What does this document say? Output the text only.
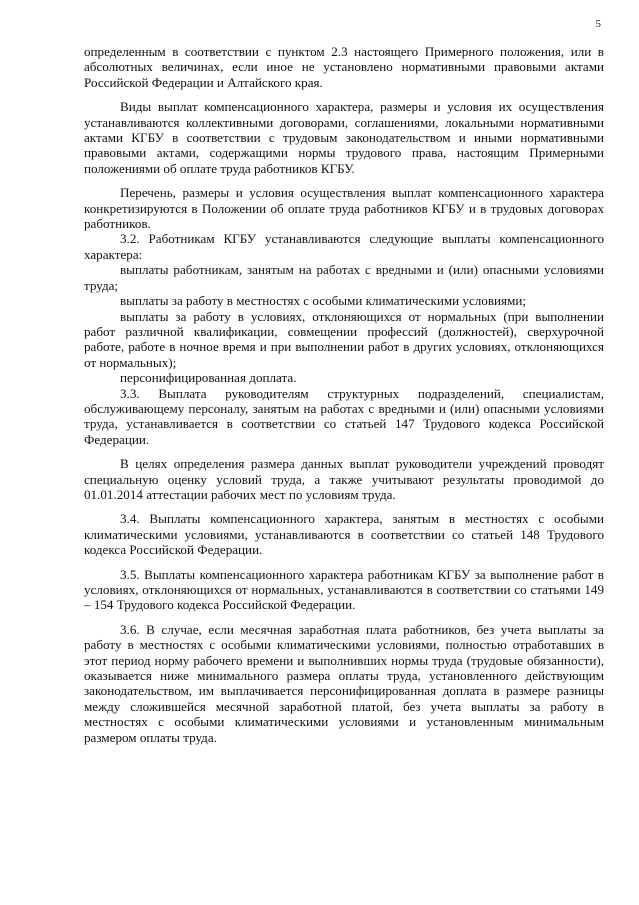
5

определенным в соответствии с пунктом 2.3 настоящего Примерного положения, или в абсолютных величинах, если иное не установлено нормативными правовыми актами Российской Федерации и Алтайского края.

Виды выплат компенсационного характера, размеры и условия их осуществления устанавливаются коллективными договорами, соглашениями, локальными нормативными актами КГБУ в соответствии с трудовым законодательством и иными нормативными правовыми актами, содержащими нормы трудового права, настоящим Примерными положениями об оплате труда работников КГБУ.

Перечень, размеры и условия осуществления выплат компенсационного характера конкретизируются в Положении об оплате труда работников КГБУ и в трудовых договорах работников.

3.2. Работникам КГБУ устанавливаются следующие выплаты компенсационного характера:

выплаты работникам, занятым на работах с вредными и (или) опасными условиями труда;

выплаты за работу в местностях с особыми климатическими условиями;

выплаты за работу в условиях, отклоняющихся от нормальных (при выполнении работ различной квалификации, совмещении профессий (должностей), сверхурочной работе, работе в ночное время и при выполнении работ в других условиях, отклоняющихся от нормальных);

персонифицированная доплата.

3.3. Выплата руководителям структурных подразделений, специалистам, обслуживающему персоналу, занятым на работах с вредными и (или) опасными условиями труда, устанавливается в соответствии со статьей 147 Трудового кодекса Российской Федерации.

В целях определения размера данных выплат руководители учреждений проводят специальную оценку условий труда, а также учитывают результаты проводимой до 01.01.2014 аттестации рабочих мест по условиям труда.

3.4. Выплаты компенсационного характера, занятым в местностях с особыми климатическими условиями, устанавливаются в соответствии со статьей 148 Трудового кодекса Российской Федерации.

3.5. Выплаты компенсационного характера работникам КГБУ за выполнение работ в условиях, отклоняющихся от нормальных, устанавливаются в соответствии со статьями 149 – 154 Трудового кодекса Российской Федерации.

3.6. В случае, если месячная заработная плата работников, без учета выплаты за работу в местностях с особыми климатическими условиями, полностью отработавших в этот период норму рабочего времени и выполнивших нормы труда (трудовые обязанности), оказывается ниже минимального размера оплаты труда, установленного действующим законодательством, им выплачивается персонифицированная доплата в размере разницы между сложившейся месячной заработной платой, без учета выплаты за работу в местностях с особыми климатическими условиями и установленным минимальным размером оплаты труда.
